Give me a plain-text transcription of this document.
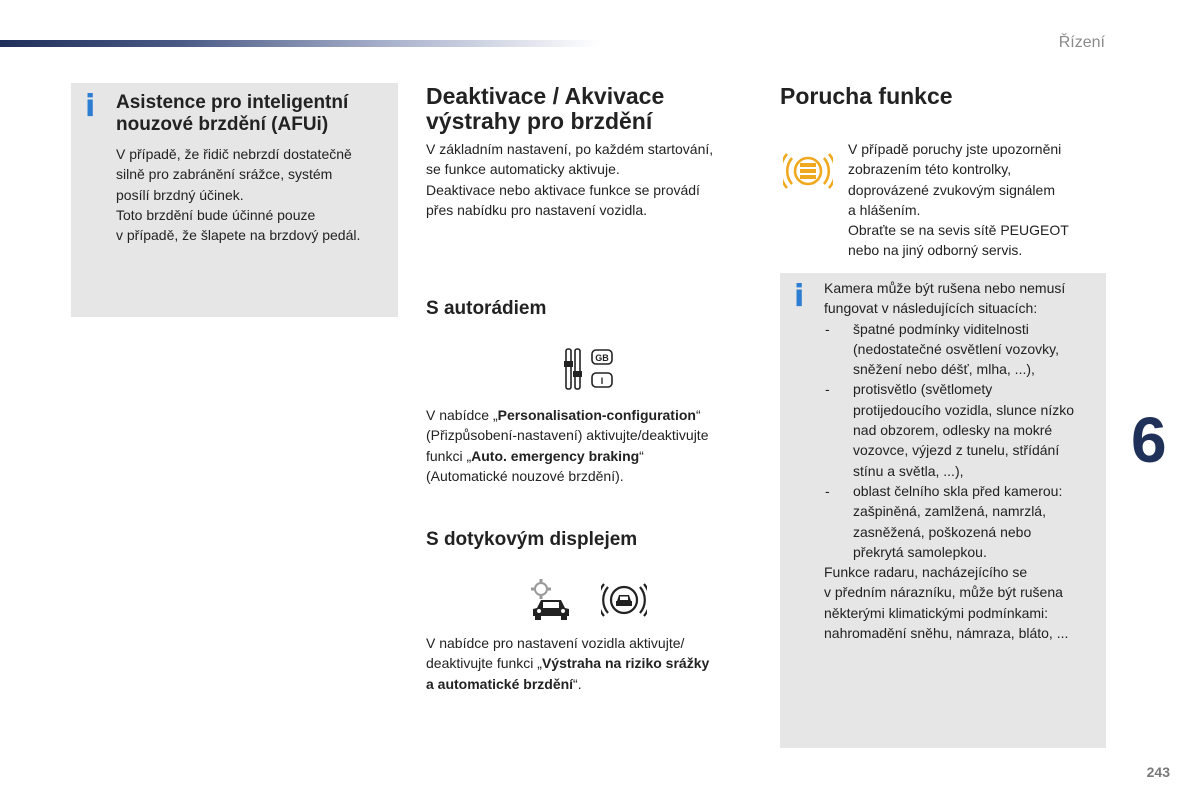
Řízení
6
243
i Asistence pro inteligentní nouzové brzdění (AFUi)

V případě, že řidič nebrzdí dostatečně

silně pro zabránění srážce, systém

posílí brzdný účinek.

Toto brzdění bude účinné pouze

v případě, že šlapete na brzdový pedál.

Deaktivace / Akvivace
výstrahy pro brzdění

V základním nastavení, po každém startování,

se funkce automaticky aktivuje.

Deaktivace nebo aktivace funkce se provádí

přes nabídku pro nastavení vozidla.

S autorádiem
GB
I

V nabídce „Personalisation-configuration“

(Přizpůsobení-nastavení) aktivujte/deaktivujte

funkci „Auto. emergency braking“

(Automatické nouzové brzdění).

S dotykovým displejem

V nabídce pro nastavení vozidla aktivujte/

deaktivujte funkci „Výstraha na riziko srážky

a automatické brzdění“.

Porucha funkce

V případě poruchy jste upozorněni

zobrazením této kontrolky,

doprovázené zvukovým signálem

a hlášením.

Obraťte se na sevis sítě PEUGEOT

nebo na jiný odborný servis.

i Kamera může být rušena nebo nemusí

fungovat v následujících situacích:

- špatné podmínky viditelnosti
(nedostatečné osvětlení vozovky,
sněžení nebo déšť, mlha, ...),
- protisvětlo (světlomety
protijedoucího vozidla, slunce nízko
nad obzorem, odlesky na mokré
vozovce, výjezd z tunelu, střídání
stínu a světla, ...),
- oblast čelního skla před kamerou:
zašpiněná, zamlžená, namrzlá,
zasněžená, poškozená nebo
překrytá samolepkou.

Funkce radaru, nacházejícího se

v předním nárazníku, může být rušena

některými klimatickými podmínkami:

nahromadění sněhu, námraza, bláto, ...
